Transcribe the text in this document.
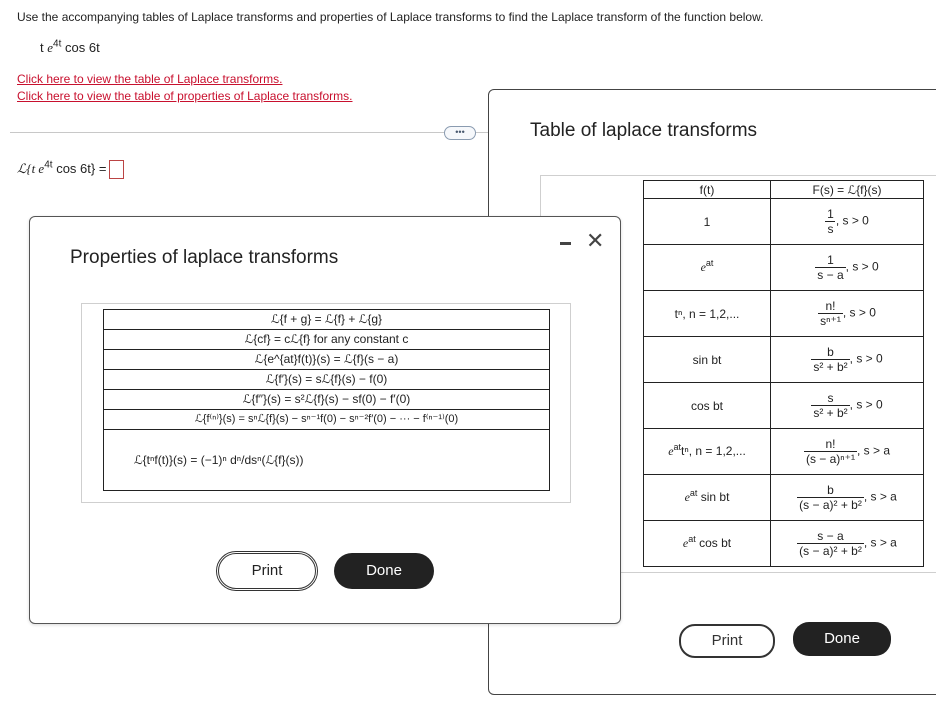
Use the accompanying tables of Laplace transforms and properties of Laplace transforms to find the Laplace transform of the function below.
t $e^{4t}$ cos 6t
Click here to view the table of Laplace transforms.
Click here to view the table of properties of Laplace transforms.
•••
ℒ{t $e^{4t}$ cos 6t} =
Table of laplace transforms
f(t)	F(s) = ℒ{f}(s)
1	$\frac{1}{s}$ , s > 0
$e^{at}$	$\frac{1}{s - a}$ , s > 0
tⁿ, n = 1,2,...	$\frac{n!}{\text{sⁿ⁺¹}}$ , s > 0
sin bt	$\frac{b}{\text{s² + b²}}$ , s > 0
cos bt	$\frac{s}{\text{s² + b²}}$ , s > 0
$e^{at}t^n$, n = 1,2,...	$\frac{n!}{\text{(s − a)ⁿ⁺¹}}$ , s > a
$e^{at}$ sin bt	$\frac{b}{\text{(s − a)² + b²}}$ , s > a
$e^{at}$ cos bt	$\frac{s - a}{\text{(s − a)² + b²}}$ , s > a
Print	Done
Properties of laplace transforms
✕
ℒ{f + g} = ℒ{f} + ℒ{g}
ℒ{cf} = cℒ{f} for any constant c
ℒ{e^{at}f(t)}(s) = ℒ{f}(s − a)
ℒ{f′}(s) = sℒ{f}(s) − f(0)
ℒ{f″}(s) = s²ℒ{f}(s) − sf(0) − f′(0)
ℒ{f⁽ⁿ⁾}(s) = sⁿℒ{f}(s) − sⁿ⁻¹f(0) − sⁿ⁻²f′(0) − ··· − f⁽ⁿ⁻¹⁾(0)
ℒ{tⁿf(t)}(s) = (−1)ⁿ dⁿ/dsⁿ(ℒ{f}(s))
Print	Done
